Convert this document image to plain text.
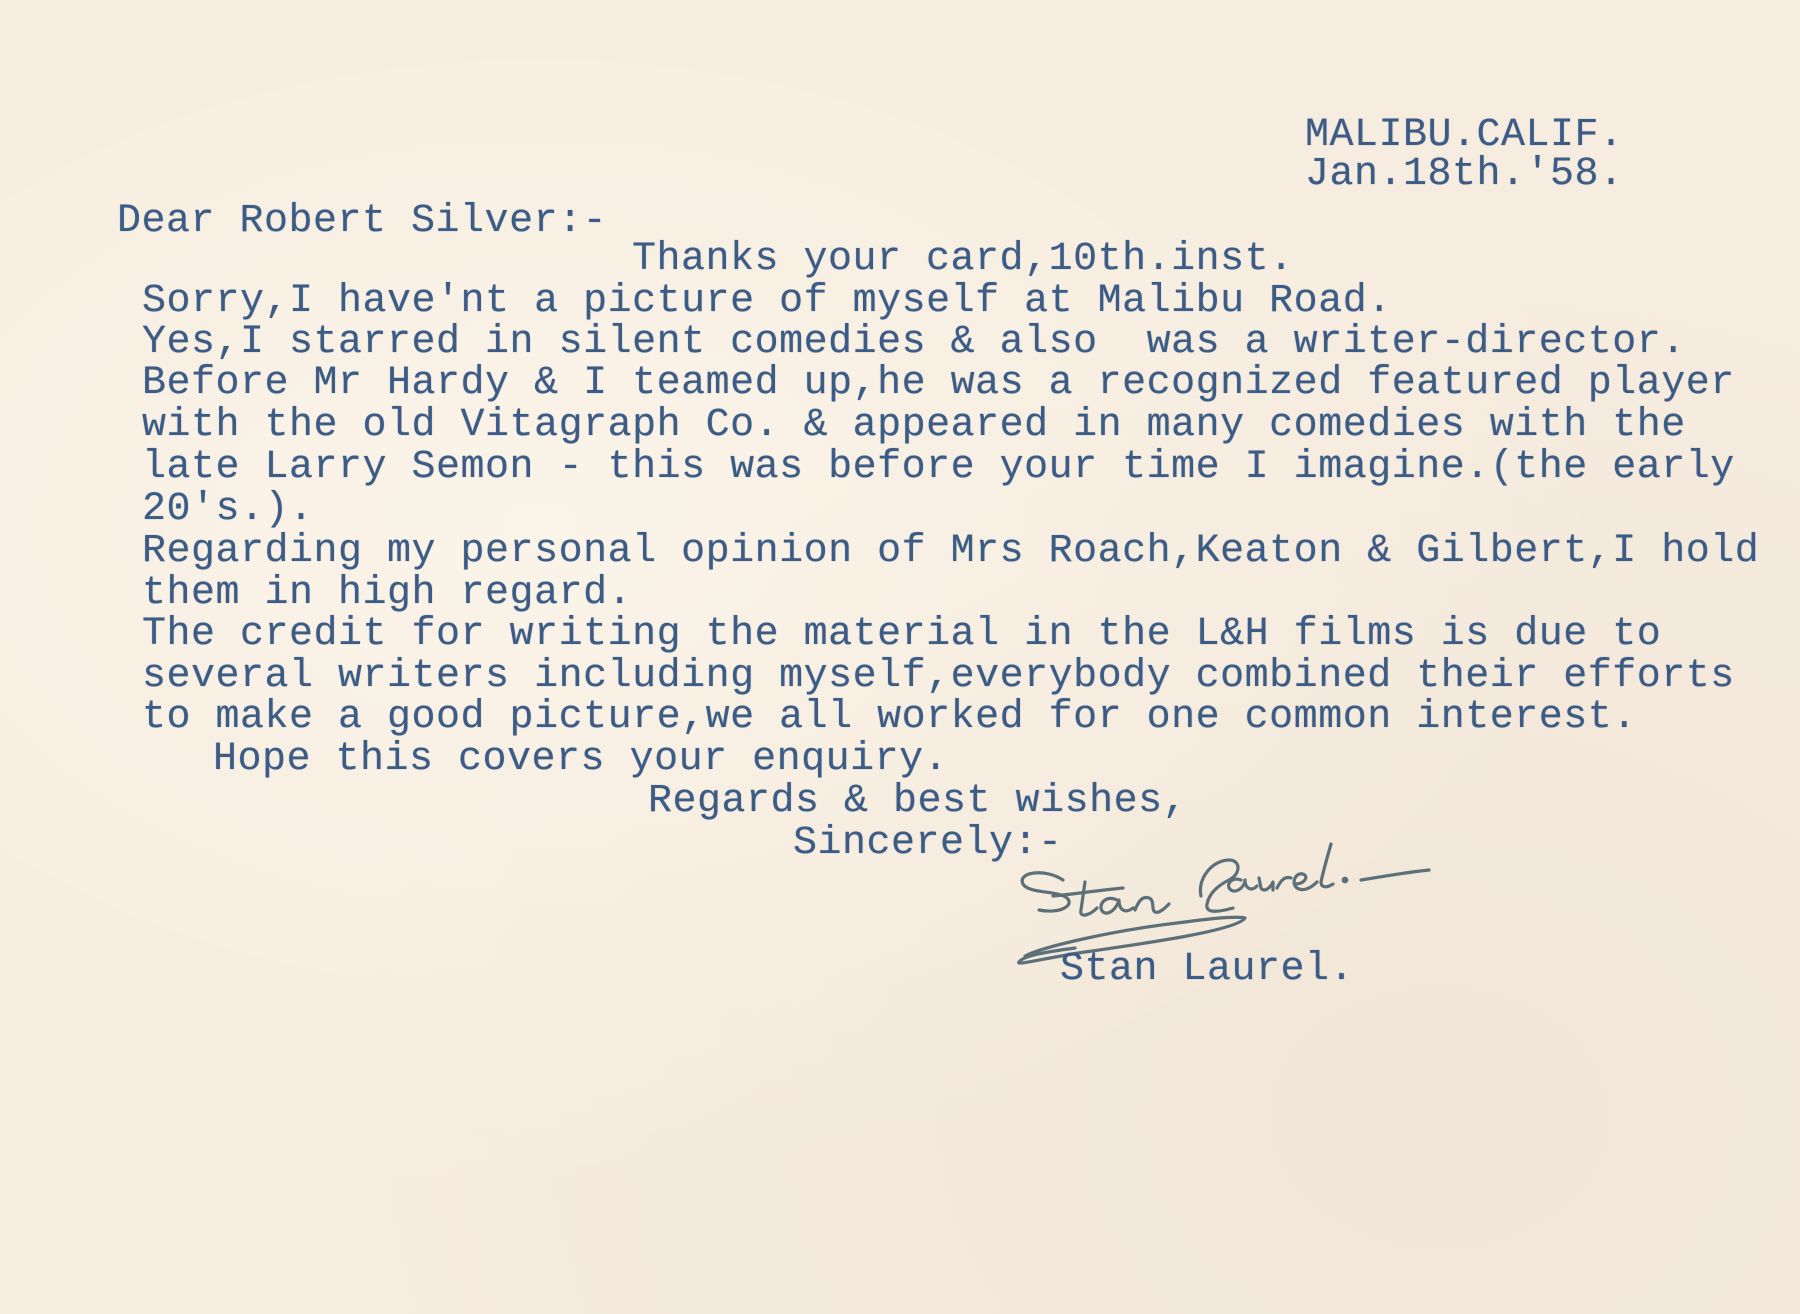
MALIBU.CALIF.
Jan.18th.'58.
Dear Robert Silver:-
Thanks your card,10th.inst.
Sorry,I have'nt a picture of myself at Malibu Road.
Yes,I starred in silent comedies & also  was a writer-director.
Before Mr Hardy & I teamed up,he was a recognized featured player
with the old Vitagraph Co. & appeared in many comedies with the
late Larry Semon - this was before your time I imagine.(the early
20's.).
Regarding my personal opinion of Mrs Roach,Keaton & Gilbert,I hold
them in high regard.
The credit for writing the material in the L&H films is due to
several writers including myself,everybody combined their efforts
to make a good picture,we all worked for one common interest.
Hope this covers your enquiry.
Regards & best wishes,
Sincerely:-
Stan Laurel.
